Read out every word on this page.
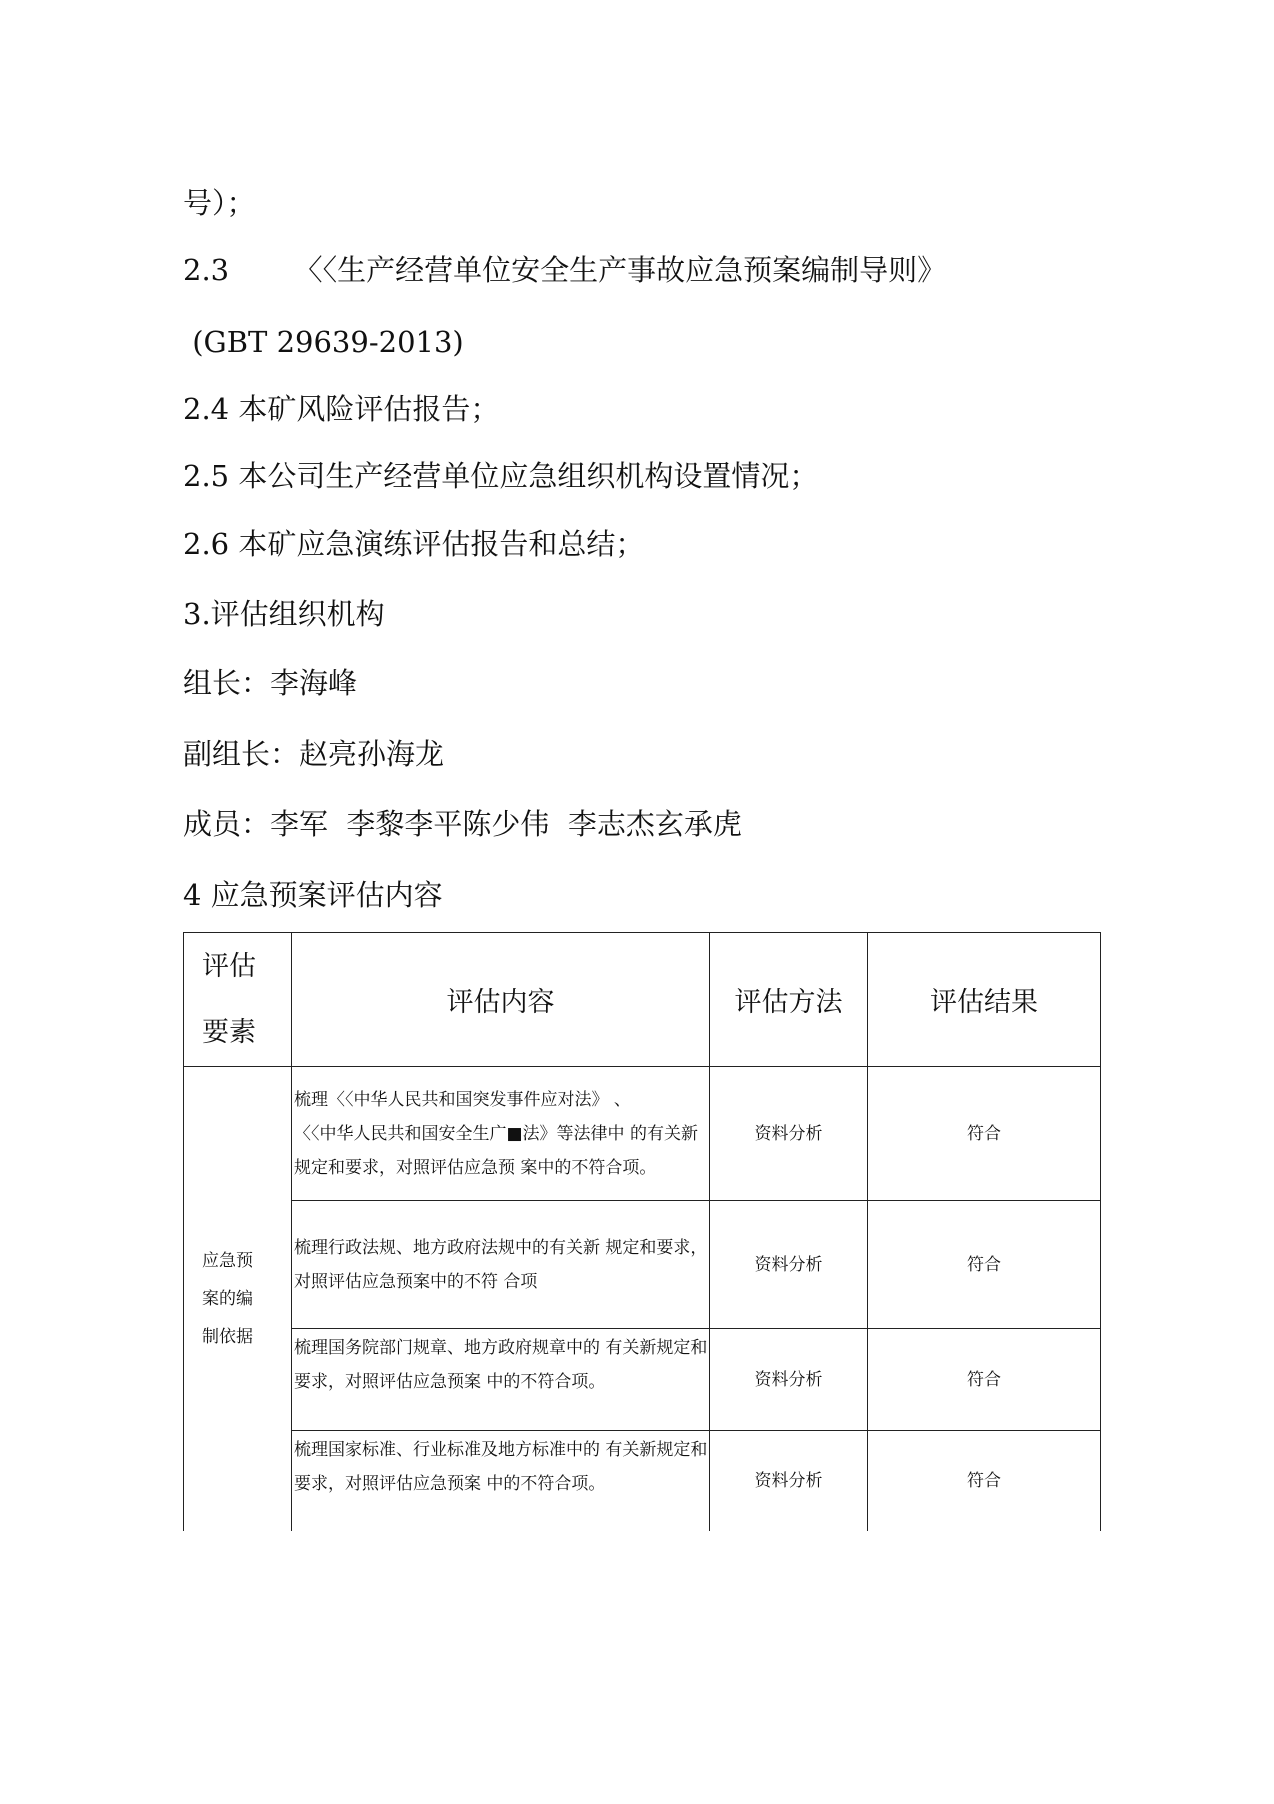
号）；
2.3       〈〈生产经营单位安全生产事故应急预案编制导则》
(GBT 29639-2013)
2.4 本矿风险评估报告；
2.5 本公司生产经营单位应急组织机构设置情况；
2.6 本矿应急演练评估报告和总结；
3.评估组织机构
组长：李海峰
副组长：赵亮孙海龙
成员：李军  李黎李平陈少伟  李志杰玄承虎
4 应急预案评估内容
评估
要素	评估内容	评估方法	评估结果
应急预
案的编
制依据	梳理〈〈中华人民共和国突发事件应对法》 、
〈〈中华人民共和国安全生广■法》等法律中 的有关新规定和要求，对照评估应急预 案中的不符合项。	资料分析	符合
	梳理行政法规、地方政府法规中的有关新 规定和要求，对照评估应急预案中的不符 合项	资料分析	符合
	梳理国务院部门规章、地方政府规章中的 有关新规定和要求，对照评估应急预案 中的不符合项。	资料分析	符合
	梳理国家标准、行业标准及地方标准中的 有关新规定和要求，对照评估应急预案 中的不符合项。	资料分析	符合
